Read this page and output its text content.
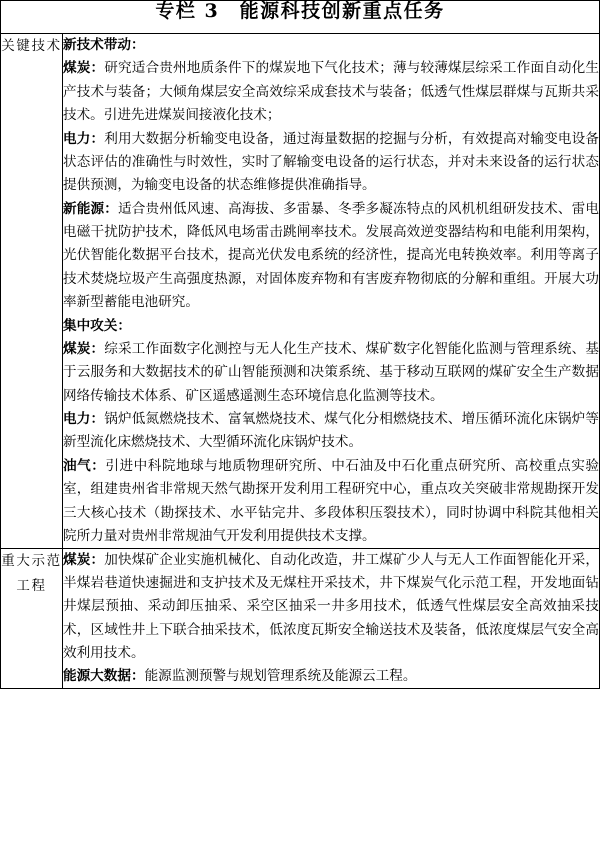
专栏 3　能源科技创新重点任务	

关键技术	新技术带动：

煤炭：研究适合贵州地质条件下的煤炭地下气化技术；薄与较薄煤层综采工作面自动化生产技术与装备；大倾角煤层安全高效综采成套技术与装备；低透气性煤层群煤与瓦斯共采技术。引进先进煤炭间接液化技术；

电力：利用大数据分析输变电设备，通过海量数据的挖掘与分析，有效提高对输变电设备状态评估的准确性与时效性，实时了解输变电设备的运行状态，并对未来设备的运行状态提供预测，为输变电设备的状态维修提供准确指导。

新能源：适合贵州低风速、高海拔、多雷暴、冬季多凝冻特点的风机机组研发技术、雷电电磁干扰防护技术，降低风电场雷击跳闸率技术。发展高效逆变器结构和电能利用架构，光伏智能化数据平台技术，提高光伏发电系统的经济性，提高光电转换效率。利用等离子技术焚烧垃圾产生高强度热源，对固体废弃物和有害废弃物彻底的分解和重组。开展大功率新型蓄能电池研究。

集中攻关：

煤炭：综采工作面数字化测控与无人化生产技术、煤矿数字化智能化监测与管理系统、基于云服务和大数据技术的矿山智能预测和决策系统、基于移动互联网的煤矿安全生产数据网络传输技术体系、矿区遥感遥测生态环境信息化监测等技术。

电力：锅炉低氮燃烧技术、富氧燃烧技术、煤气化分相燃烧技术、增压循环流化床锅炉等新型流化床燃烧技术、大型循环流化床锅炉技术。

油气：引进中科院地球与地质物理研究所、中石油及中石化重点研究所、高校重点实验室，组建贵州省非常规天然气勘探开发利用工程研究中心，重点攻关突破非常规勘探开发三大核心技术（勘探技术、水平钻完井、多段体积压裂技术），同时协调中科院其他相关院所力量对贵州非常规油气开发利用提供技术支撑。

重大示范工程	煤炭：加快煤矿企业实施机械化、自动化改造，井工煤矿少人与无人工作面智能化开采，半煤岩巷道快速掘进和支护技术及无煤柱开采技术，井下煤炭气化示范工程，开发地面钻井煤层预抽、采动卸压抽采、采空区抽采一井多用技术，低透气性煤层安全高效抽采技术，区域性井上下联合抽采技术，低浓度瓦斯安全输送技术及装备，低浓度煤层气安全高效利用技术。

能源大数据：能源监测预警与规划管理系统及能源云工程。
